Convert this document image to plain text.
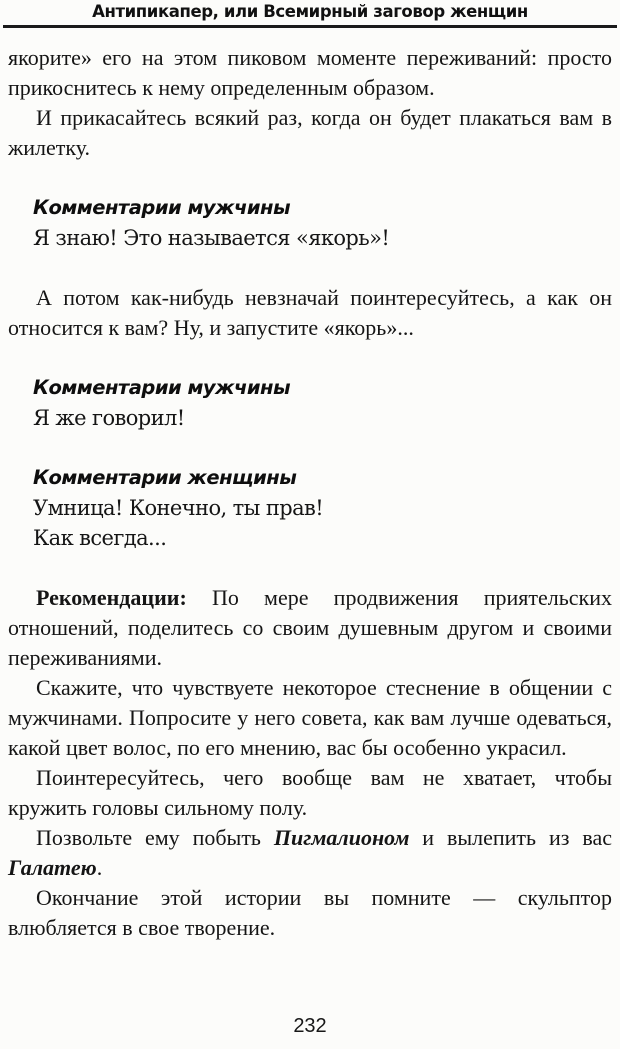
Антипикапер, или Всемирный заговор женщин

якорите» его на этом пиковом моменте переживаний: просто прикоснитесь к нему определенным образом.

И прикасайтесь всякий раз, когда он будет плакаться вам в жилетку.

Комментарии мужчины

Я знаю! Это называется «якорь»!

А потом как-нибудь невзначай поинтересуйтесь, а как он относится к вам? Ну, и запустите «якорь»...

Комментарии мужчины

Я же говорил!

Комментарии женщины

Умница! Конечно, ты прав!

Как всегда...

Рекомендации: По мере продвижения приятельских отношений, поделитесь со своим душевным другом и своими переживаниями.

Скажите, что чувствуете некоторое стеснение в общении с мужчинами. Попросите у него совета, как вам лучше одеваться, какой цвет волос, по его мнению, вас бы особенно украсил.

Поинтересуйтесь, чего вообще вам не хватает, чтобы кружить головы сильному полу.

Позвольте ему побыть Пигмалионом и вылепить из вас Галатею.

Окончание этой истории вы помните — скульптор влюбляется в свое творение.

232
